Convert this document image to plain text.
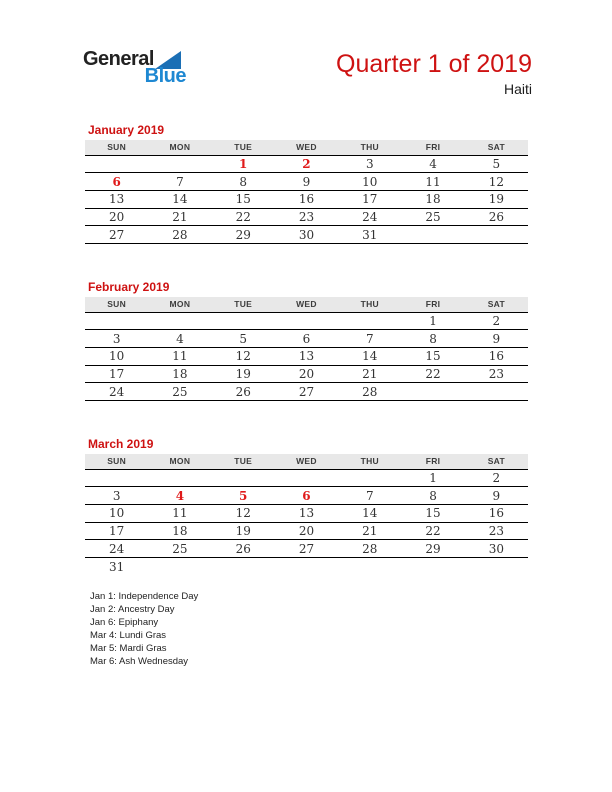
General
Blue	Quarter 1 of 2019
Haiti
January 2019
SUN	MON	TUE	WED	THU	FRI	SAT
		1	2	3	4	5
6	7	8	9	10	11	12
13	14	15	16	17	18	19
20	21	22	23	24	25	26
27	28	29	30	31		
February 2019
SUN	MON	TUE	WED	THU	FRI	SAT
					1	2
3	4	5	6	7	8	9
10	11	12	13	14	15	16
17	18	19	20	21	22	23
24	25	26	27	28		
March 2019
SUN	MON	TUE	WED	THU	FRI	SAT
					1	2
3	4	5	6	7	8	9
10	11	12	13	14	15	16
17	18	19	20	21	22	23
24	25	26	27	28	29	30
31						
Jan 1: Independence Day
Jan 2: Ancestry Day
Jan 6: Epiphany
Mar 4: Lundi Gras
Mar 5: Mardi Gras
Mar 6: Ash Wednesday
